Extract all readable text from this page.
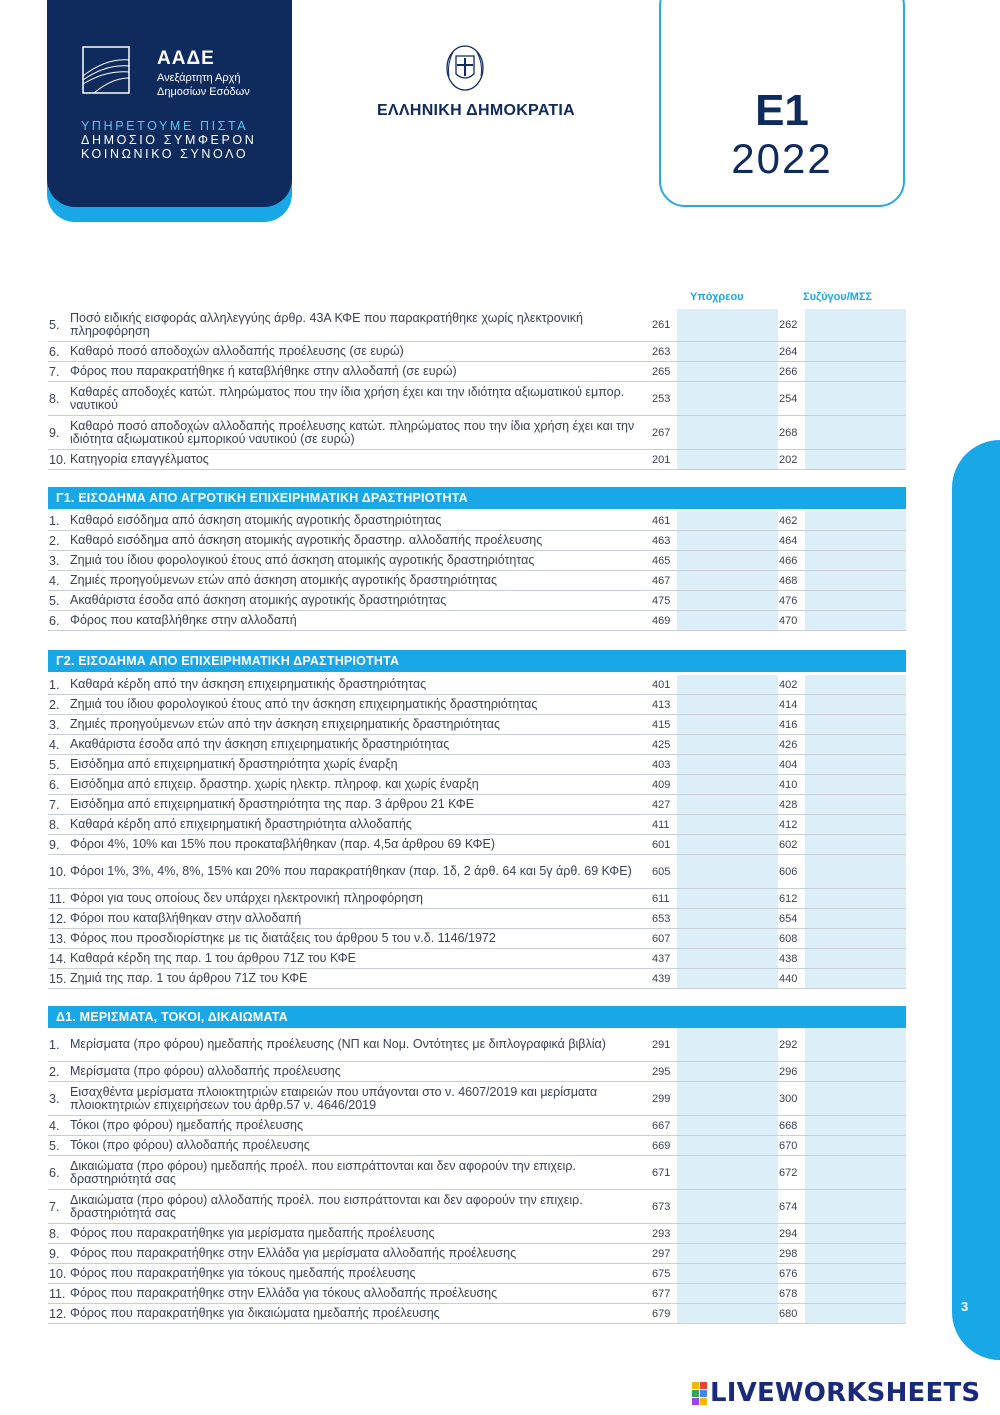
ΑΑΔΕ
Ανεξάρτητη Αρχή
Δημοσίων Εσόδων
ΥΠΗΡΕΤΟΥΜΕ ΠΙΣΤΑ
ΔΗΜΟΣΙΟ ΣΥΜΦΕΡΟΝ
ΚΟΙΝΩΝΙΚΟ ΣΥΝΟΛΟ
ΕΛΛΗΝΙΚΗ ΔΗΜΟΚΡΑΤΙΑ	Ε1
2022
3
Υπόχρεου	Συζύγου/ΜΣΣ
5. Ποσό ειδικής εισφοράς αλληλεγγύης άρθρ. 43Α ΚΦΕ που παρακρατήθηκε χωρίς ηλεκτρονική πληροφόρηση	261	262
6. Καθαρό ποσό αποδοχών αλλοδαπής προέλευσης (σε ευρώ)	263	264
7. Φόρος που παρακρατήθηκε ή καταβλήθηκε στην αλλοδαπή (σε ευρώ)	265	266
8. Καθαρές αποδοχές κατώτ. πληρώματος που την ίδια χρήση έχει και την ιδιότητα αξιωματικού εμπορ. ναυτικού	253	254
9. Καθαρό ποσό αποδοχών αλλοδαπής προέλευσης κατώτ. πληρώματος που την ίδια χρήση έχει και την ιδιότητα αξιωματικού εμπορικού ναυτικού (σε ευρώ)	267	268
10. Κατηγορία επαγγέλματος	201	202
Γ1. ΕΙΣΟΔΗΜΑ ΑΠΟ ΑΓΡΟΤΙΚΗ ΕΠΙΧΕΙΡΗΜΑΤΙΚΗ ΔΡΑΣΤΗΡΙΟΤΗΤΑ
1. Καθαρό εισόδημα από άσκηση ατομικής αγροτικής δραστηριότητας	461	462
2. Καθαρό εισόδημα από άσκηση ατομικής αγροτικής δραστηρ. αλλοδαπής προέλευσης	463	464
3. Ζημιά του ίδιου φορολογικού έτους από άσκηση ατομικής αγροτικής δραστηριότητας	465	466
4. Ζημιές προηγούμενων ετών από άσκηση ατομικής αγροτικής δραστηριότητας	467	468
5. Ακαθάριστα έσοδα από άσκηση ατομικής αγροτικής δραστηριότητας	475	476
6. Φόρος που καταβλήθηκε στην αλλοδαπή	469	470
Γ2. ΕΙΣΟΔΗΜΑ ΑΠΟ ΕΠΙΧΕΙΡΗΜΑΤΙΚΗ ΔΡΑΣΤΗΡΙΟΤΗΤΑ
1. Καθαρά κέρδη από την άσκηση επιχειρηματικής δραστηριότητας	401	402
2. Ζημιά του ίδιου φορολογικού έτους από την άσκηση επιχειρηματικής δραστηριότητας	413	414
3. Ζημιές προηγούμενων ετών από την άσκηση επιχειρηματικής δραστηριότητας	415	416
4. Ακαθάριστα έσοδα από την άσκηση επιχειρηματικής δραστηριότητας	425	426
5. Εισόδημα από επιχειρηματική δραστηριότητα χωρίς έναρξη	403	404
6. Εισόδημα από επιχειρ. δραστηρ. χωρίς ηλεκτρ. πληροφ. και χωρίς έναρξη	409	410
7. Εισόδημα από επιχειρηματική δραστηριότητα της παρ. 3 άρθρου 21 ΚΦΕ	427	428
8. Καθαρά κέρδη από επιχειρηματική δραστηριότητα αλλοδαπής	411	412
9. Φόροι 4%, 10% και 15% που προκαταβλήθηκαν (παρ. 4,5α άρθρου 69 ΚΦΕ)	601	602
10. Φόροι 1%, 3%, 4%, 8%, 15% και 20% που παρακρατήθηκαν (παρ. 1δ, 2 άρθ. 64 και 5γ άρθ. 69 ΚΦΕ)	605	606
11. Φόροι για τους οποίους δεν υπάρχει ηλεκτρονική πληροφόρηση	611	612
12. Φόροι που καταβλήθηκαν στην αλλοδαπή	653	654
13. Φόρος που προσδιορίστηκε με τις διατάξεις του άρθρου 5 του ν.δ. 1146/1972	607	608
14. Καθαρά κέρδη της παρ. 1 του άρθρου 71Ζ του ΚΦΕ	437	438
15. Ζημιά της παρ. 1 του άρθρου 71Ζ του ΚΦΕ	439	440
Δ1. ΜΕΡΙΣΜΑΤΑ, ΤΟΚΟΙ, ΔΙΚΑΙΩΜΑΤΑ
1. Μερίσματα (προ φόρου) ημεδαπής προέλευσης (ΝΠ και Νομ. Οντότητες με διπλογραφικά βιβλία)	291	292
2. Μερίσματα (προ φόρου) αλλοδαπής προέλευσης	295	296
3. Εισαχθέντα μερίσματα πλοιοκτητριών εταιρειών που υπάγονται στο ν. 4607/2019 και μερίσματα πλοιοκτητριών επιχειρήσεων του άρθρ.57 ν. 4646/2019	299	300
4. Τόκοι (προ φόρου) ημεδαπής προέλευσης	667	668
5. Τόκοι (προ φόρου) αλλοδαπής προέλευσης	669	670
6. Δικαιώματα (προ φόρου) ημεδαπής προέλ. που εισπράττονται και δεν αφορούν την επιχειρ. δραστηριότητά σας	671	672
7. Δικαιώματα (προ φόρου) αλλοδαπής προέλ. που εισπράττονται και δεν αφορούν την επιχειρ. δραστηριότητά σας	673	674
8. Φόρος που παρακρατήθηκε για μερίσματα ημεδαπής προέλευσης	293	294
9. Φόρος που παρακρατήθηκε στην Ελλάδα για μερίσματα αλλοδαπής προέλευσης	297	298
10. Φόρος που παρακρατήθηκε για τόκους ημεδαπής προέλευσης	675	676
11. Φόρος που παρακρατήθηκε στην Ελλάδα για τόκους αλλοδαπής προέλευσης	677	678
12. Φόρος που παρακρατήθηκε για δικαιώματα ημεδαπής προέλευσης	679	680
LIVEWORKSHEETS
